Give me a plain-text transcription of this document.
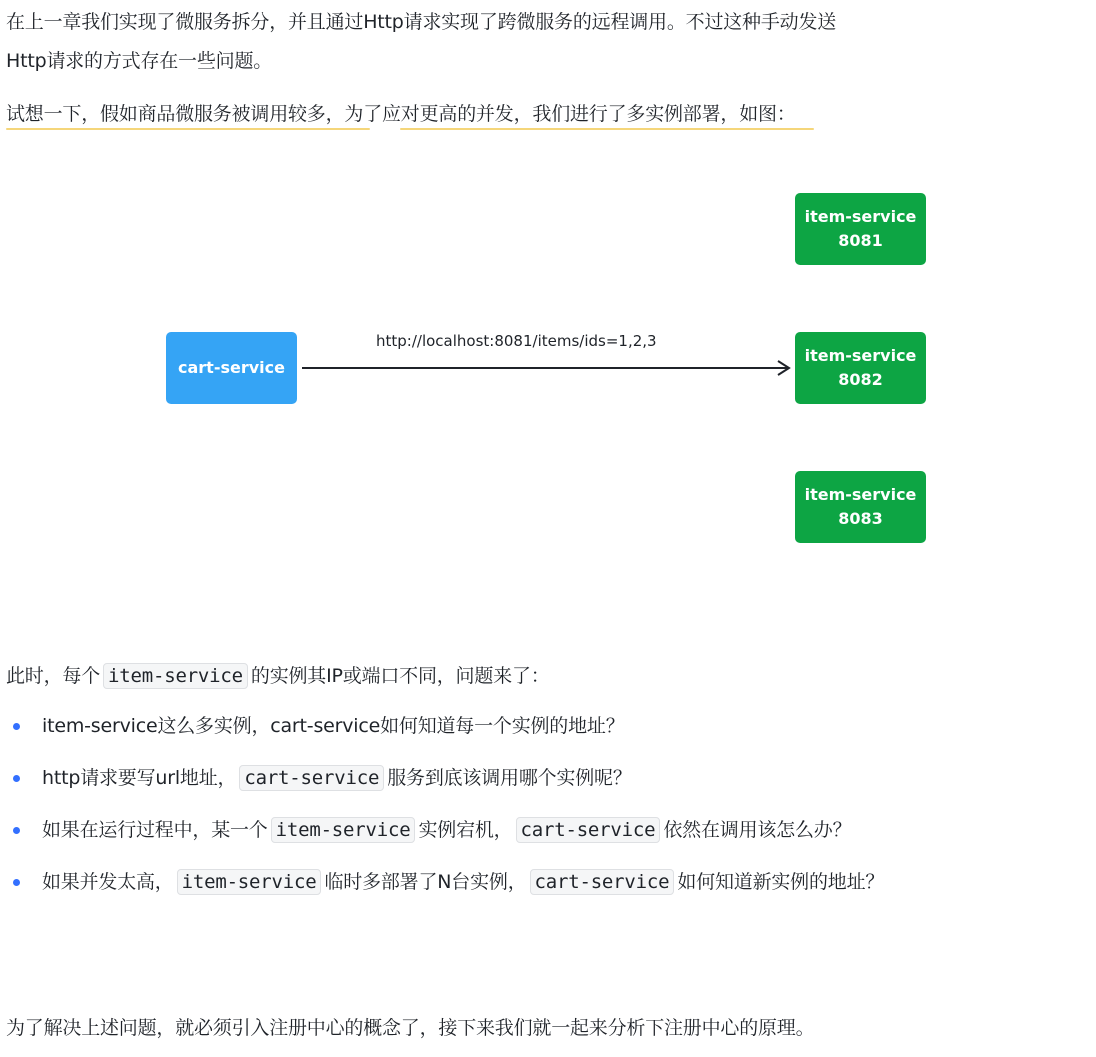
在上一章我们实现了微服务拆分，并且通过Http请求实现了跨微服务的远程调用。不过这种手动发送

Http请求的方式存在一些问题。

试想一下，假如商品微服务被调用较多，为了应对更高的并发，我们进行了多实例部署，如图：

cart-service
http://localhost:8081/items/ids=1,2,3
item-service
8081
item-service
8082
item-service
8083

此时，每个 item-service 的实例其IP或端口不同，问题来了：

item-service这么多实例，cart-service如何知道每一个实例的地址？
http请求要写url地址， cart-service 服务到底该调用哪个实例呢？
如果在运行过程中，某一个 item-service 实例宕机， cart-service 依然在调用该怎么办？
如果并发太高， item-service 临时多部署了N台实例， cart-service 如何知道新实例的地址？

为了解决上述问题，就必须引入注册中心的概念了，接下来我们就一起来分析下注册中心的原理。
